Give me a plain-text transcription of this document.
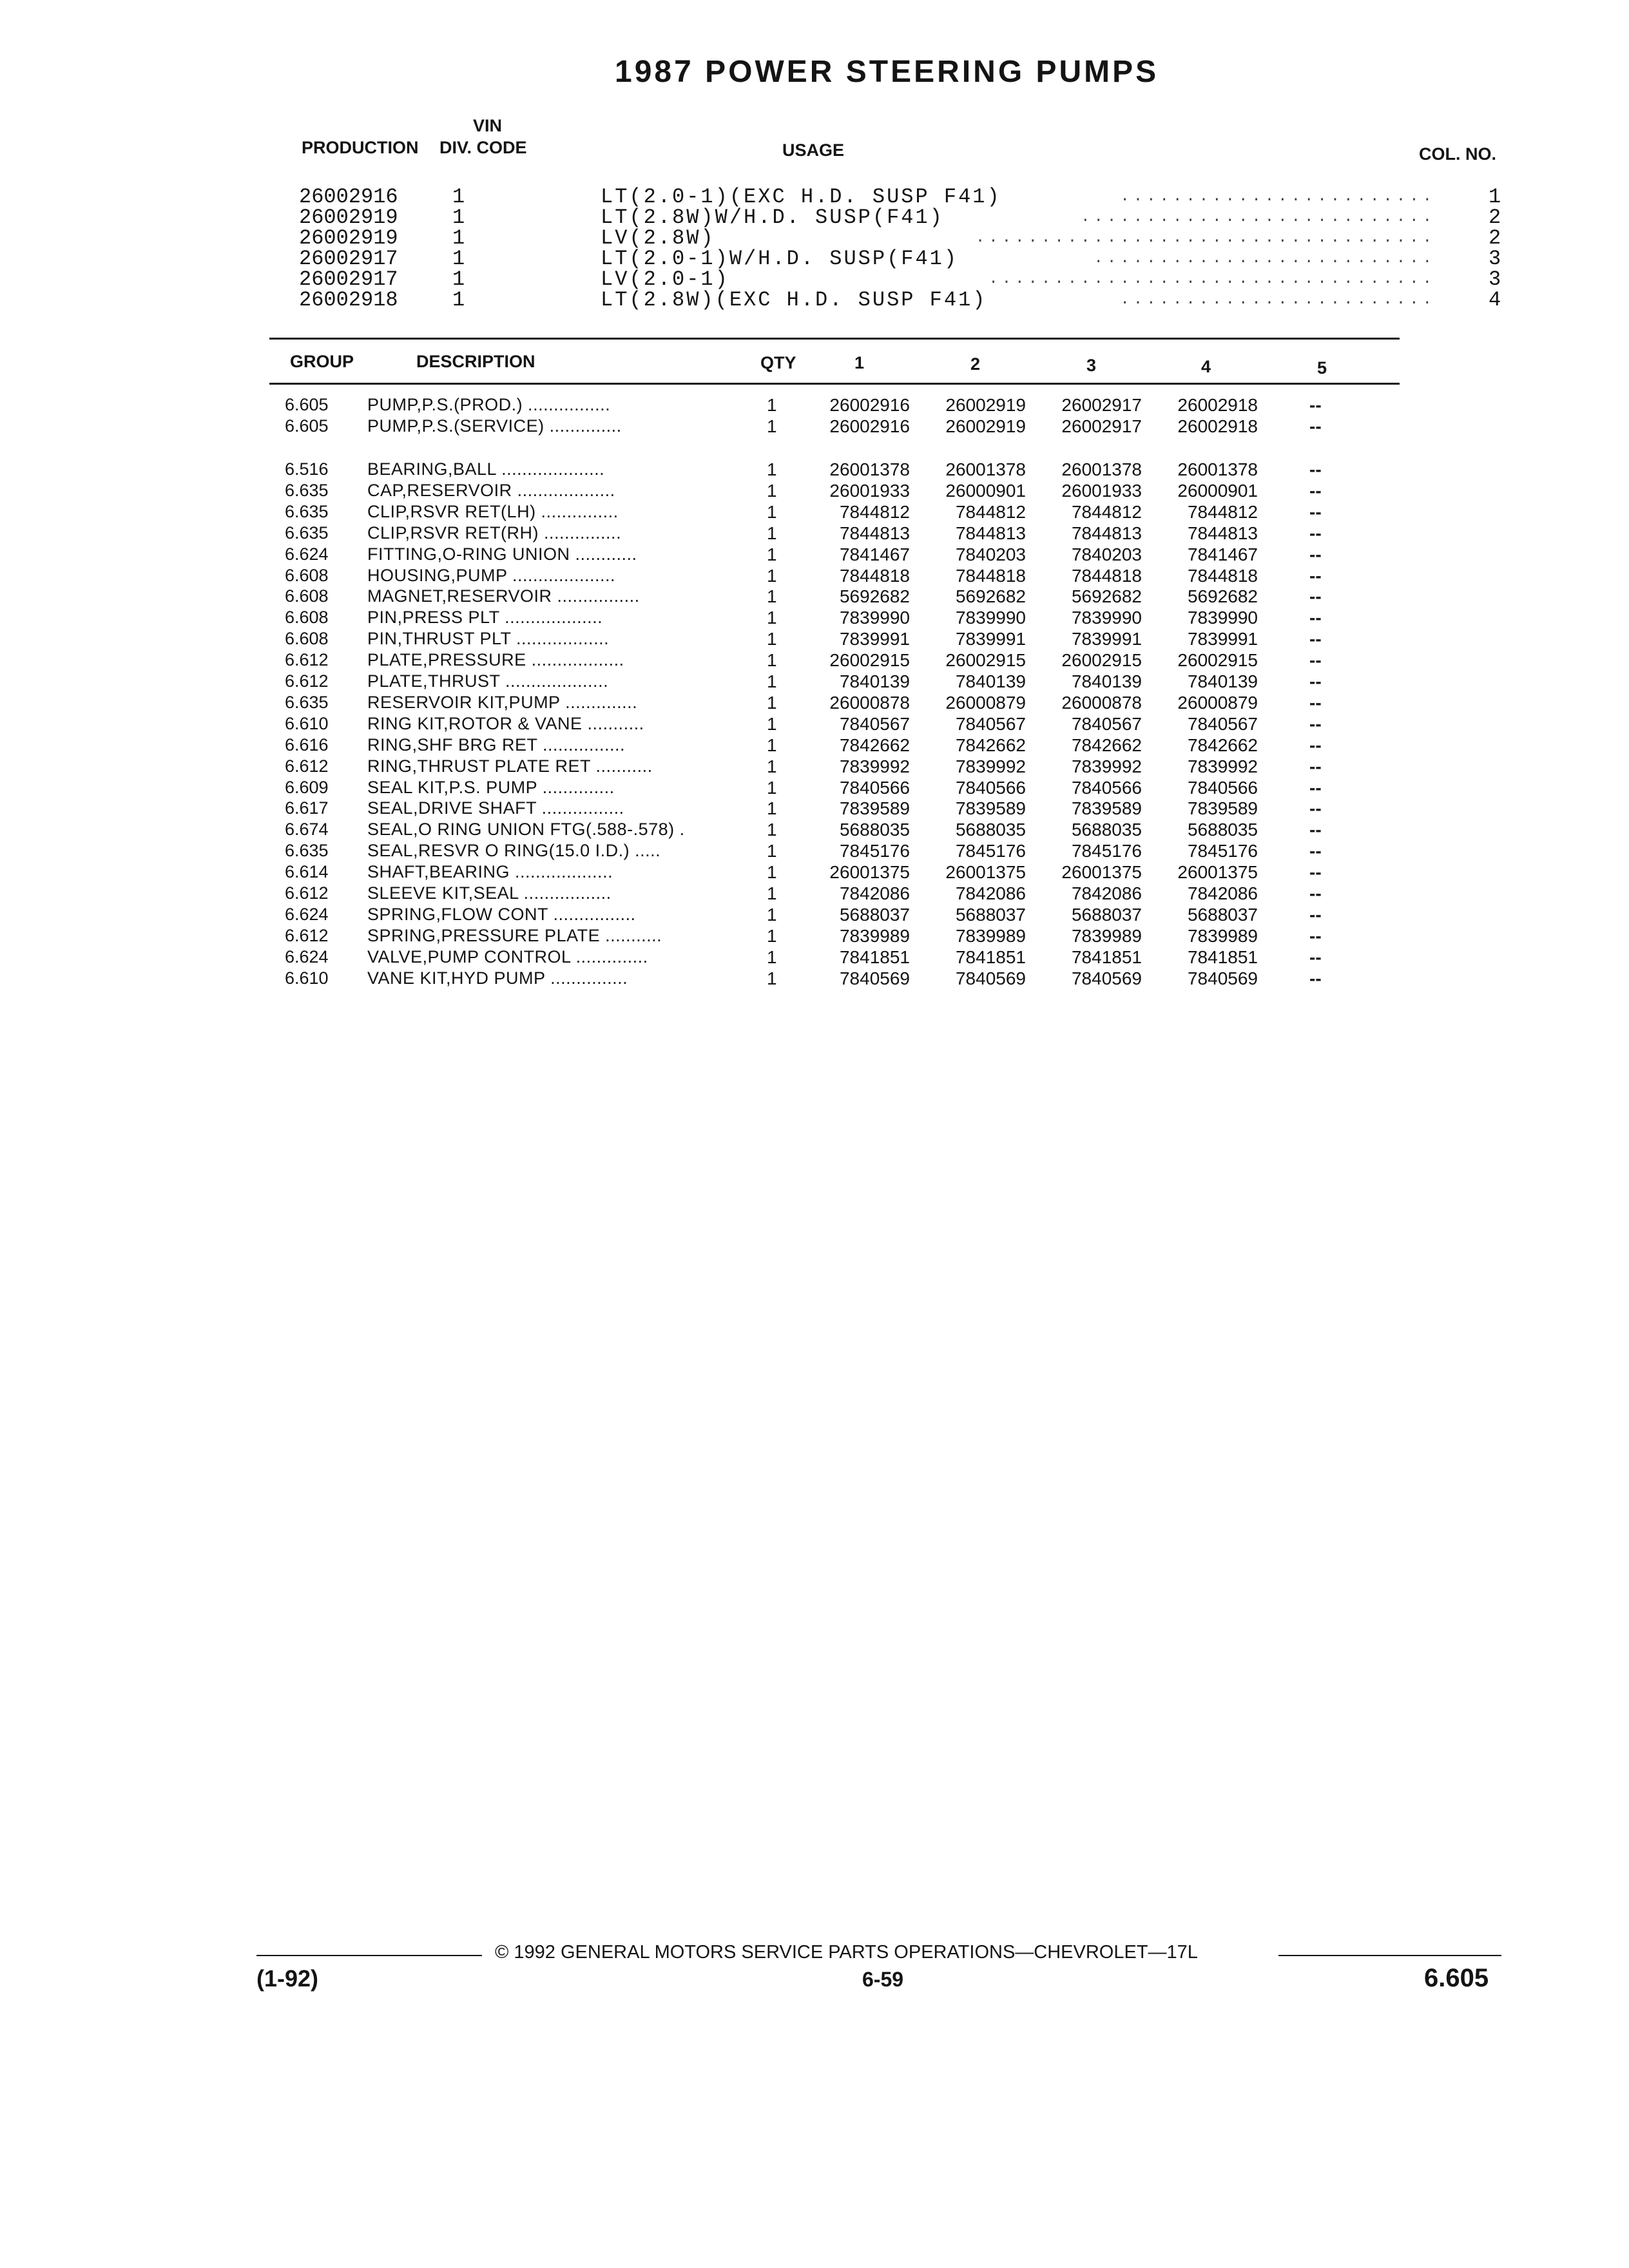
1987 POWER STEERING PUMPS
VIN
PRODUCTION DIV. CODE	USAGE	COL. NO.
26002916	1	LT(2.0-1)(EXC H.D. SUSP F41)	........................	1
26002919	1	LT(2.8W)W/H.D. SUSP(F41)	...........................	2
26002919	1	LV(2.8W)	...................................	2
26002917	1	LT(2.0-1)W/H.D. SUSP(F41)	..........................	3
26002917	1	LV(2.0-1)	..................................	3
26002918	1	LT(2.8W)(EXC H.D. SUSP F41)	........................	4
GROUP	DESCRIPTION	QTY	1	2	3	4	5
6.605 PUMP,P.S.(PROD.) ................	1	26002916	26002919	26002917	26002918	--
6.605 PUMP,P.S.(SERVICE) ..............	1	26002916	26002919	26002917	26002918	--
6.516 BEARING,BALL ....................	1	26001378	26001378	26001378	26001378	--
6.635 CAP,RESERVOIR ...................	1	26001933	26000901	26001933	26000901	--
6.635 CLIP,RSVR RET(LH) ...............	1	7844812	7844812	7844812	7844812	--
6.635 CLIP,RSVR RET(RH) ...............	1	7844813	7844813	7844813	7844813	--
6.624 FITTING,O-RING UNION ............	1	7841467	7840203	7840203	7841467	--
6.608 HOUSING,PUMP ....................	1	7844818	7844818	7844818	7844818	--
6.608 MAGNET,RESERVOIR ................	1	5692682	5692682	5692682	5692682	--
6.608 PIN,PRESS PLT ...................	1	7839990	7839990	7839990	7839990	--
6.608 PIN,THRUST PLT ..................	1	7839991	7839991	7839991	7839991	--
6.612 PLATE,PRESSURE ..................	1	26002915	26002915	26002915	26002915	--
6.612 PLATE,THRUST ....................	1	7840139	7840139	7840139	7840139	--
6.635 RESERVOIR KIT,PUMP ..............	1	26000878	26000879	26000878	26000879	--
6.610 RING KIT,ROTOR & VANE ...........	1	7840567	7840567	7840567	7840567	--
6.616 RING,SHF BRG RET ................	1	7842662	7842662	7842662	7842662	--
6.612 RING,THRUST PLATE RET ...........	1	7839992	7839992	7839992	7839992	--
6.609 SEAL KIT,P.S. PUMP ..............	1	7840566	7840566	7840566	7840566	--
6.617 SEAL,DRIVE SHAFT ................	1	7839589	7839589	7839589	7839589	--
6.674 SEAL,O RING UNION FTG(.588-.578) .	1	5688035	5688035	5688035	5688035	--
6.635 SEAL,RESVR O RING(15.0 I.D.) .....	1	7845176	7845176	7845176	7845176	--
6.614 SHAFT,BEARING ...................	1	26001375	26001375	26001375	26001375	--
6.612 SLEEVE KIT,SEAL .................	1	7842086	7842086	7842086	7842086	--
6.624 SPRING,FLOW CONT ................	1	5688037	5688037	5688037	5688037	--
6.612 SPRING,PRESSURE PLATE ...........	1	7839989	7839989	7839989	7839989	--
6.624 VALVE,PUMP CONTROL ..............	1	7841851	7841851	7841851	7841851	--
6.610 VANE KIT,HYD PUMP ...............	1	7840569	7840569	7840569	7840569	--
© 1992 GENERAL MOTORS SERVICE PARTS OPERATIONS—CHEVROLET—17L
(1-92)	6-59	6.605
